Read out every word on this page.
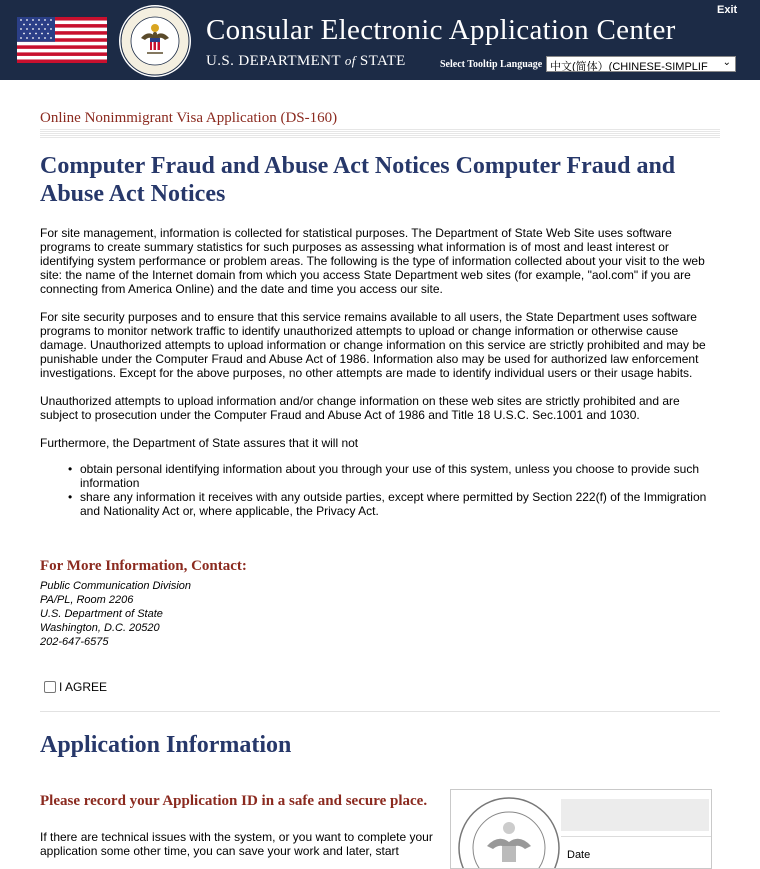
Consular Electronic Application Center
U.S. DEPARTMENT of STATE
Exit
Select Tooltip Language 中文(简体）(CHINESE-SIMPLIF ⌄
Online Nonimmigrant Visa Application (DS-160)
Computer Fraud and Abuse Act Notices Computer Fraud and Abuse Act Notices

For site management, information is collected for statistical purposes. The Department of State Web Site uses software programs to create summary statistics for such purposes as assessing what information is of most and least interest or identifying system performance or problem areas. The following is the type of information collected about your visit to the web site: the name of the Internet domain from which you access State Department web sites (for example, "aol.com" if you are connecting from America Online) and the date and time you access our site.

For site security purposes and to ensure that this service remains available to all users, the State Department uses software programs to monitor network traffic to identify unauthorized attempts to upload or change information or otherwise cause damage. Unauthorized attempts to upload information or change information on this service are strictly prohibited and may be punishable under the Computer Fraud and Abuse Act of 1986. Information also may be used for authorized law enforcement investigations. Except for the above purposes, no other attempts are made to identify individual users or their usage habits.

Unauthorized attempts to upload information and/or change information on these web sites are strictly prohibited and are subject to prosecution under the Computer Fraud and Abuse Act of 1986 and Title 18 U.S.C. Sec.1001 and 1030.

Furthermore, the Department of State assures that it will not

• obtain personal identifying information about you through your use of this system, unless you choose to provide such information
• share any information it receives with any outside parties, except where permitted by Section 222(f) of the Immigration and Nationality Act or, where applicable, the Privacy Act.
For More Information, Contact:
Public Communication Division
PA/PL, Room 2206
U.S. Department of State
Washington, D.C. 20520
202-647-6575
I AGREE
Application Information
Please record your Application ID in a safe and secure place.
If there are technical issues with the system, or you want to complete your application some other time, you can save your work and later, start	Date
